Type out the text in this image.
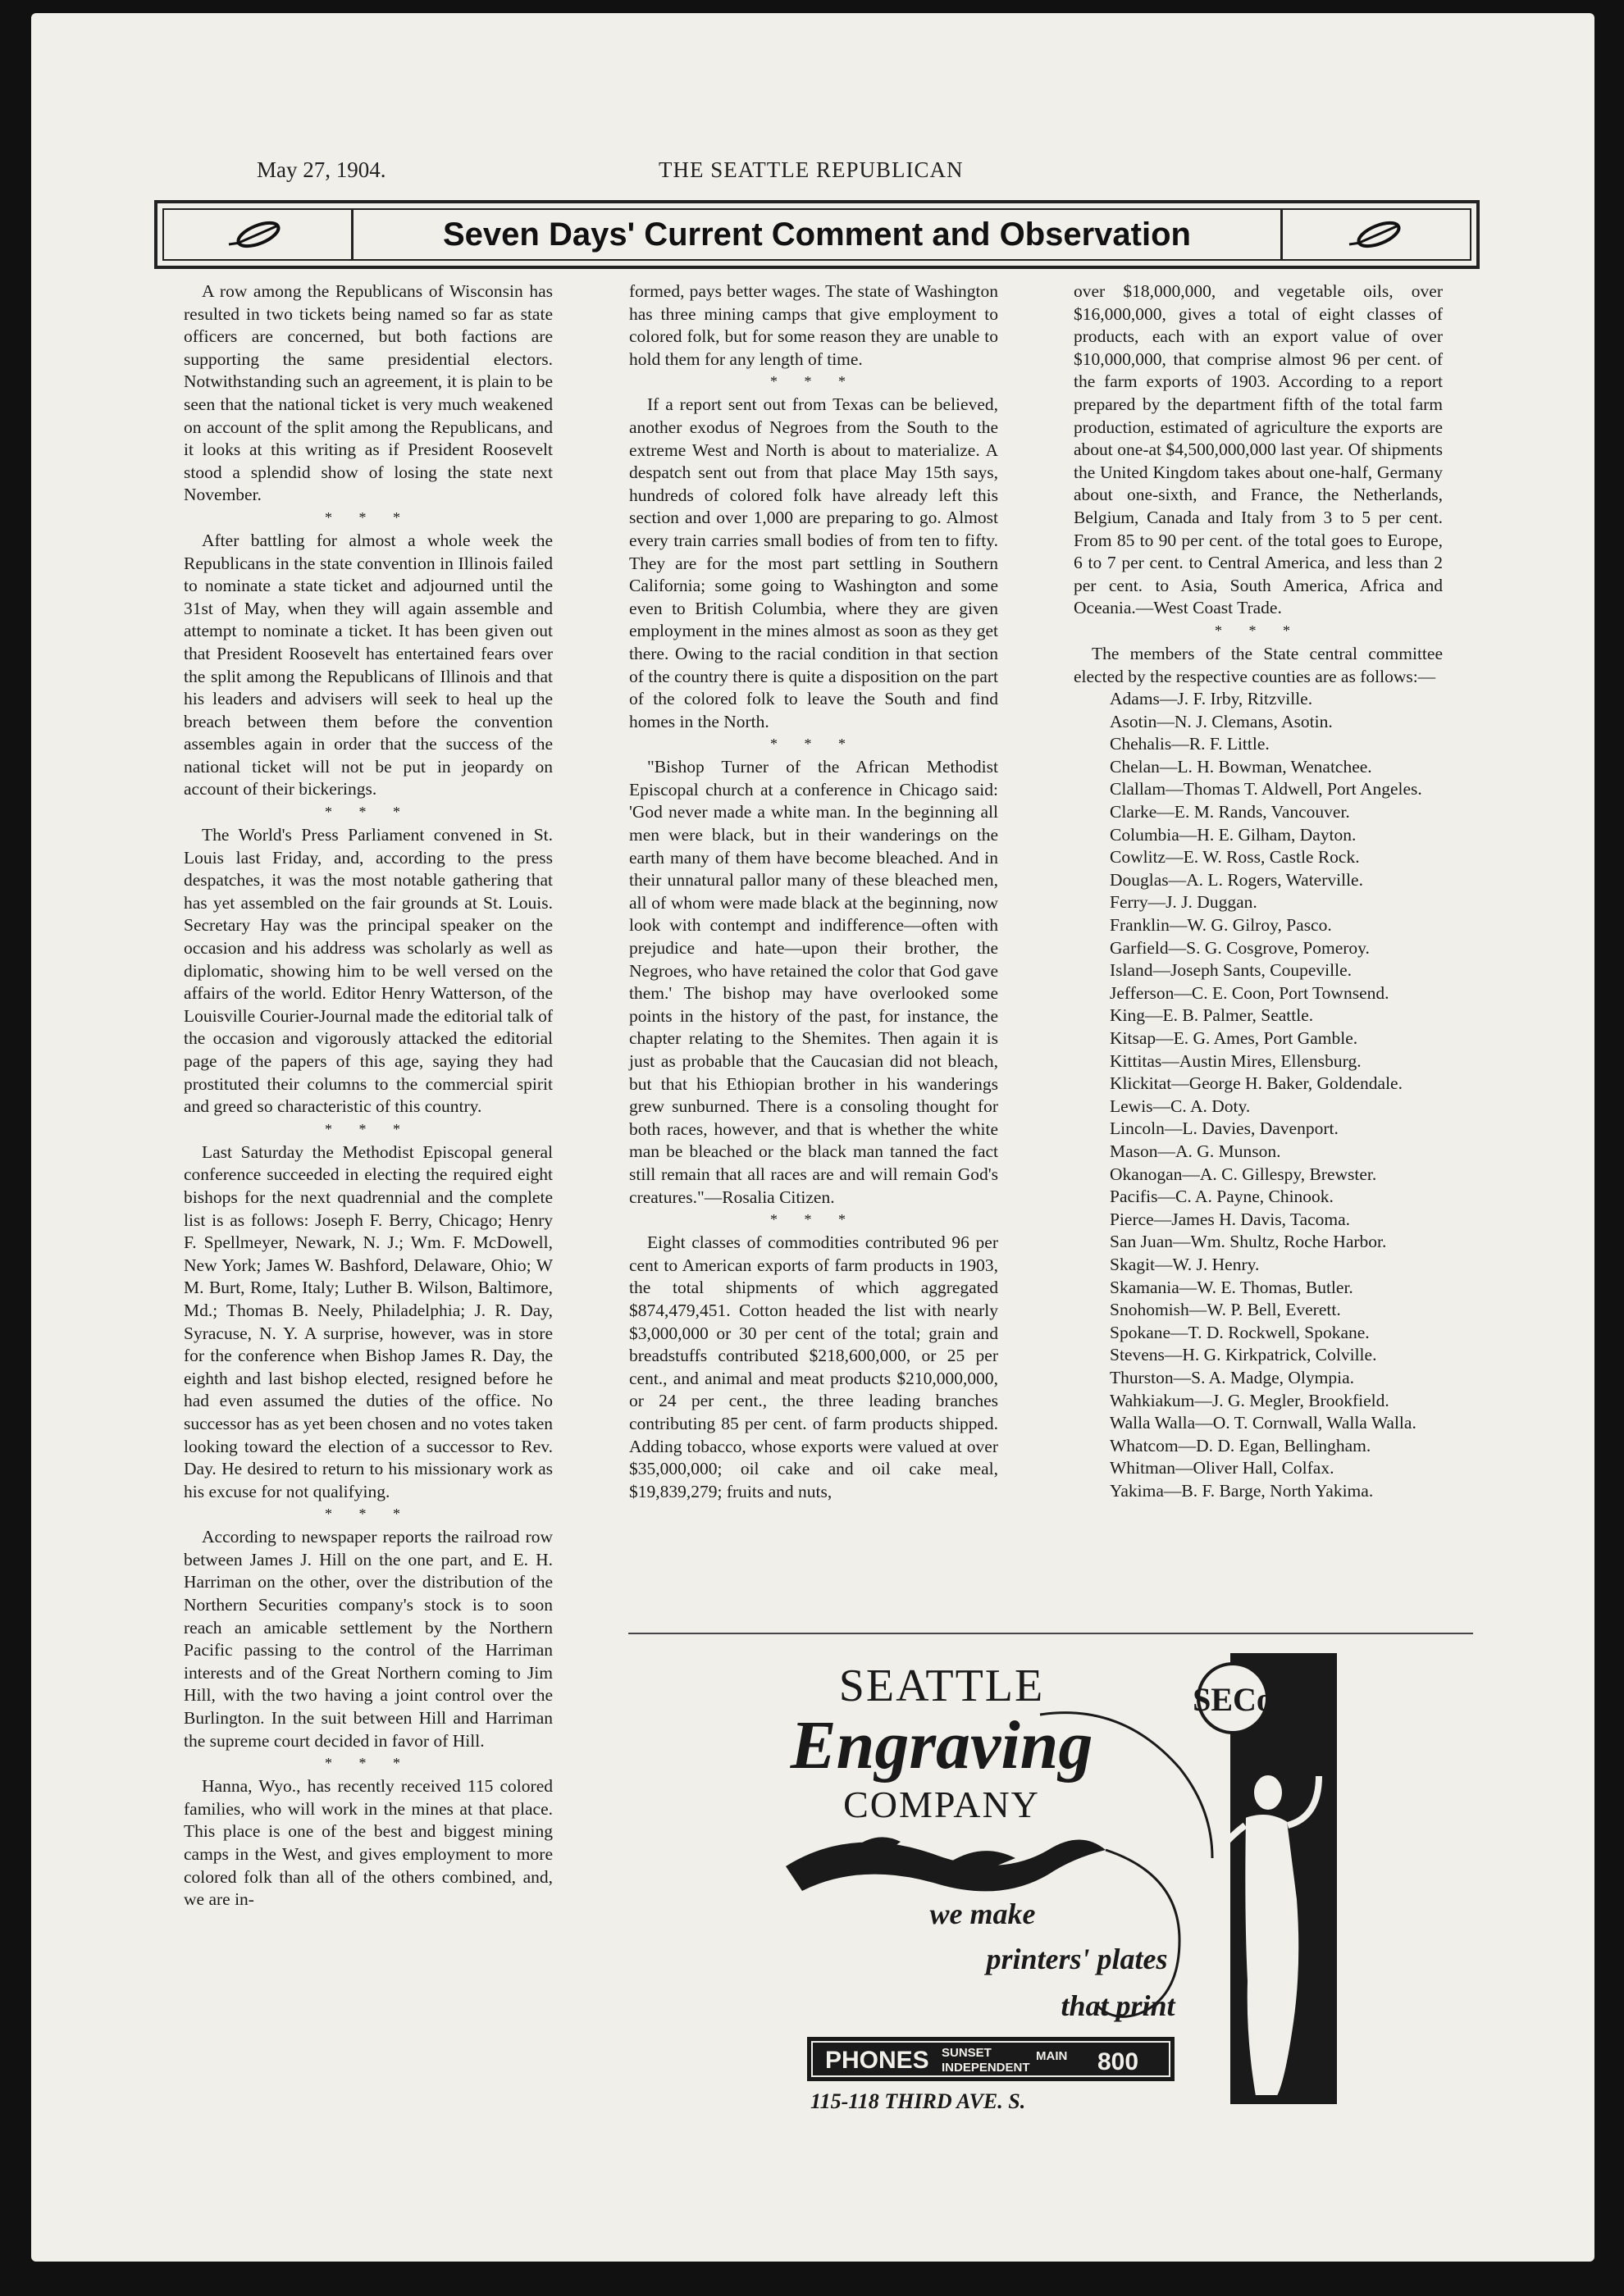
May 27, 1904.	THE SEATTLE REPUBLICAN
Seven Days' Current Comment and Observation

A row among the Republicans of Wisconsin has resulted in two tickets being named so far as state officers are concerned, but both factions are supporting the same presidential electors. Notwithstanding such an agreement, it is plain to be seen that the national ticket is very much weakened on account of the split among the Republicans, and it looks at this writing as if President Roosevelt stood a splendid show of losing the state next November.

* * *

After battling for almost a whole week the Republicans in the state convention in Illinois failed to nominate a state ticket and adjourned until the 31st of May, when they will again assemble and attempt to nominate a ticket. It has been given out that President Roosevelt has entertained fears over the split among the Republicans of Illinois and that his leaders and advisers will seek to heal up the breach between them before the convention assembles again in order that the success of the national ticket will not be put in jeopardy on account of their bickerings.

* * *

The World's Press Parliament convened in St. Louis last Friday, and, according to the press despatches, it was the most notable gathering that has yet assembled on the fair grounds at St. Louis. Secretary Hay was the principal speaker on the occasion and his address was scholarly as well as diplomatic, showing him to be well versed on the affairs of the world. Editor Henry Watterson, of the Louisville Courier-Journal made the editorial talk of the occasion and vigorously attacked the editorial page of the papers of this age, saying they had prostituted their columns to the commercial spirit and greed so characteristic of this country.

* * *

Last Saturday the Methodist Episcopal general conference succeeded in electing the required eight bishops for the next quadrennial and the complete list is as follows: Joseph F. Berry, Chicago; Henry F. Spellmeyer, Newark, N. J.; Wm. F. McDowell, New York; James W. Bashford, Delaware, Ohio; W M. Burt, Rome, Italy; Luther B. Wilson, Baltimore, Md.; Thomas B. Neely, Philadelphia; J. R. Day, Syracuse, N. Y. A surprise, however, was in store for the conference when Bishop James R. Day, the eighth and last bishop elected, resigned before he had even assumed the duties of the office. No successor has as yet been chosen and no votes taken looking toward the election of a successor to Rev. Day. He desired to return to his missionary work as his excuse for not qualifying.

* * *

According to newspaper reports the railroad row between James J. Hill on the one part, and E. H. Harriman on the other, over the distribution of the Northern Securities company's stock is to soon reach an amicable settlement by the Northern Pacific passing to the control of the Harriman interests and of the Great Northern coming to Jim Hill, with the two having a joint control over the Burlington. In the suit between Hill and Harriman the supreme court decided in favor of Hill.

* * *

Hanna, Wyo., has recently received 115 colored families, who will work in the mines at that place. This place is one of the best and biggest mining camps in the West, and gives employment to more colored folk than all of the others combined, and, we are in-

formed, pays better wages. The state of Washington has three mining camps that give employment to colored folk, but for some reason they are unable to hold them for any length of time.

* * *

If a report sent out from Texas can be believed, another exodus of Negroes from the South to the extreme West and North is about to materialize. A despatch sent out from that place May 15th says, hundreds of colored folk have already left this section and over 1,000 are preparing to go. Almost every train carries small bodies of from ten to fifty. They are for the most part settling in Southern California; some going to Washington and some even to British Columbia, where they are given employment in the mines almost as soon as they get there. Owing to the racial condition in that section of the country there is quite a disposition on the part of the colored folk to leave the South and find homes in the North.

* * *

"Bishop Turner of the African Methodist Episcopal church at a conference in Chicago said: 'God never made a white man. In the beginning all men were black, but in their wanderings on the earth many of them have become bleached. And in their unnatural pallor many of these bleached men, all of whom were made black at the beginning, now look with contempt and indifference—often with prejudice and hate—upon their brother, the Negroes, who have retained the color that God gave them.' The bishop may have overlooked some points in the history of the past, for instance, the chapter relating to the Shemites. Then again it is just as probable that the Caucasian did not bleach, but that his Ethiopian brother in his wanderings grew sunburned. There is a consoling thought for both races, however, and that is whether the white man be bleached or the black man tanned the fact still remain that all races are and will remain God's creatures."—Rosalia Citizen.

* * *

Eight classes of commodities contributed 96 per cent to American exports of farm products in 1903, the total shipments of which aggregated $874,479,451. Cotton headed the list with nearly $3,000,000 or 30 per cent of the total; grain and breadstuffs contributed $218,600,000, or 25 per cent., and animal and meat products $210,000,000, or 24 per cent., the three leading branches contributing 85 per cent. of farm products shipped. Adding tobacco, whose exports were valued at over $35,000,000; oil cake and oil cake meal, $19,839,279; fruits and nuts,

over $18,000,000, and vegetable oils, over $16,000,000, gives a total of eight classes of products, each with an export value of over $10,000,000, that comprise almost 96 per cent. of the farm exports of 1903. According to a report prepared by the department fifth of the total farm production, estimated of agriculture the exports are about one-at $4,500,000,000 last year. Of shipments the United Kingdom takes about one-half, Germany about one-sixth, and France, the Netherlands, Belgium, Canada and Italy from 3 to 5 per cent. From 85 to 90 per cent. of the total goes to Europe, 6 to 7 per cent. to Central America, and less than 2 per cent. to Asia, South America, Africa and Oceania.—West Coast Trade.

* * *

The members of the State central committee elected by the respective counties are as follows:—

Adams—J. F. Irby, Ritzville.

Asotin—N. J. Clemans, Asotin.

Chehalis—R. F. Little.

Chelan—L. H. Bowman, Wenatchee.

Clallam—Thomas T. Aldwell, Port Angeles.

Clarke—E. M. Rands, Vancouver.

Columbia—H. E. Gilham, Dayton.

Cowlitz—E. W. Ross, Castle Rock.

Douglas—A. L. Rogers, Waterville.

Ferry—J. J. Duggan.

Franklin—W. G. Gilroy, Pasco.

Garfield—S. G. Cosgrove, Pomeroy.

Island—Joseph Sants, Coupeville.

Jefferson—C. E. Coon, Port Townsend.

King—E. B. Palmer, Seattle.

Kitsap—E. G. Ames, Port Gamble.

Kittitas—Austin Mires, Ellensburg.

Klickitat—George H. Baker, Goldendale.

Lewis—C. A. Doty.

Lincoln—L. Davies, Davenport.

Mason—A. G. Munson.

Okanogan—A. C. Gillespy, Brewster.

Pacifis—C. A. Payne, Chinook.

Pierce—James H. Davis, Tacoma.

San Juan—Wm. Shultz, Roche Harbor.

Skagit—W. J. Henry.

Skamania—W. E. Thomas, Butler.

Snohomish—W. P. Bell, Everett.

Spokane—T. D. Rockwell, Spokane.

Stevens—H. G. Kirkpatrick, Colville.

Thurston—S. A. Madge, Olympia.

Wahkiakum—J. G. Megler, Brookfield.

Walla Walla—O. T. Cornwall, Walla Walla.

Whatcom—D. D. Egan, Bellingham.

Whitman—Oliver Hall, Colfax.

Yakima—B. F. Barge, North Yakima.

SECo
SEATTLE
Engraving
COMPANY
we make
printers' plates
that print
PHONES SUNSET
INDEPENDENT
MAIN 800
115-118 THIRD AVE. S.
